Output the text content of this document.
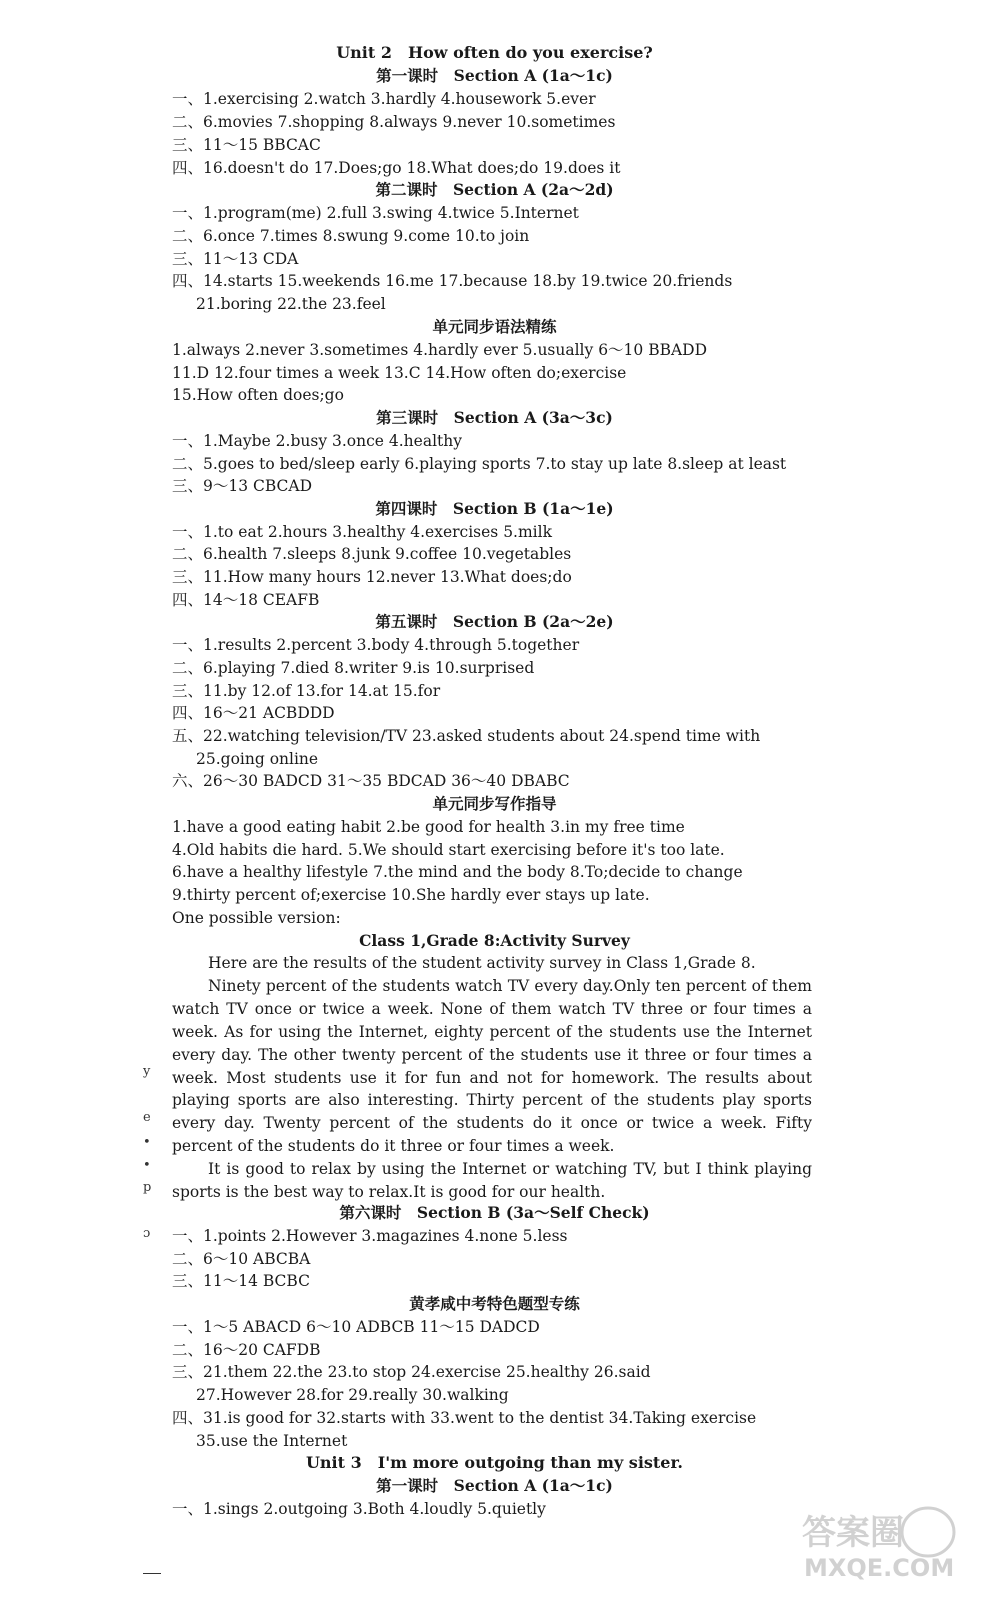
Unit 2　How often do you exercise?
第一课时　Section A (1a～1c)
一、1.exercising 2.watch 3.hardly 4.housework 5.ever
二、6.movies 7.shopping 8.always 9.never 10.sometimes
三、11～15 BBCAC
四、16.doesn't do 17.Does;go 18.What does;do 19.does it
第二课时　Section A (2a～2d)
一、1.program(me) 2.full 3.swing 4.twice 5.Internet
二、6.once 7.times 8.swung 9.come 10.to join
三、11～13 CDA
四、14.starts 15.weekends 16.me 17.because 18.by 19.twice 20.friends
21.boring 22.the 23.feel
单元同步语法精练
1.always 2.never 3.sometimes 4.hardly ever 5.usually 6～10 BBADD
11.D 12.four times a week 13.C 14.How often do;exercise
15.How often does;go
第三课时　Section A (3a～3c)
一、1.Maybe 2.busy 3.once 4.healthy
二、5.goes to bed/sleep early 6.playing sports 7.to stay up late 8.sleep at least
三、9～13 CBCAD
第四课时　Section B (1a～1e)
一、1.to eat 2.hours 3.healthy 4.exercises 5.milk
二、6.health 7.sleeps 8.junk 9.coffee 10.vegetables
三、11.How many hours 12.never 13.What does;do
四、14～18 CEAFB
第五课时　Section B (2a～2e)
一、1.results 2.percent 3.body 4.through 5.together
二、6.playing 7.died 8.writer 9.is 10.surprised
三、11.by 12.of 13.for 14.at 15.for
四、16～21 ACBDDD
五、22.watching television/TV 23.asked students about 24.spend time with
25.going online
六、26～30 BADCD 31～35 BDCAD 36～40 DBABC
单元同步写作指导
1.have a good eating habit 2.be good for health 3.in my free time
4.Old habits die hard. 5.We should start exercising before it's too late.
6.have a healthy lifestyle 7.the mind and the body 8.To;decide to change
9.thirty percent of;exercise 10.She hardly ever stays up late.
One possible version:
Class 1,Grade 8:Activity Survey

Here are the results of the student activity survey in Class 1,Grade 8.

Ninety percent of the students watch TV every day.Only ten percent of them watch TV once or twice a week. None of them watch TV three or four times a week. As for using the Internet, eighty percent of the students use the Internet every day. The other twenty percent of the students use it three or four times a week. Most students use it for fun and not for homework. The results about playing sports are also interesting. Thirty percent of the students play sports every day. Twenty percent of the students do it once or twice a week. Fifty percent of the students do it three or four times a week.

It is good to relax by using the Internet or watching TV, but I think playing sports is the best way to relax.It is good for our health.

第六课时　Section B (3a～Self Check)
一、1.points 2.However 3.magazines 4.none 5.less
二、6～10 ABCBA
三、11～14 BCBC
黄孝咸中考特色题型专练
一、1～5 ABACD 6～10 ADBCB 11～15 DADCD
二、16～20 CAFDB
三、21.them 22.the 23.to stop 24.exercise 25.healthy 26.said
27.However 28.for 29.really 30.walking
四、31.is good for 32.starts with 33.went to the dentist 34.Taking exercise
35.use the Internet
Unit 3　I'm more outgoing than my sister.
第一课时　Section A (1a～1c)
一、1.sings 2.outgoing 3.Both 4.loudly 5.quietly
y
e
•
•
p
ɔ
答案圈
MXQE.COM
